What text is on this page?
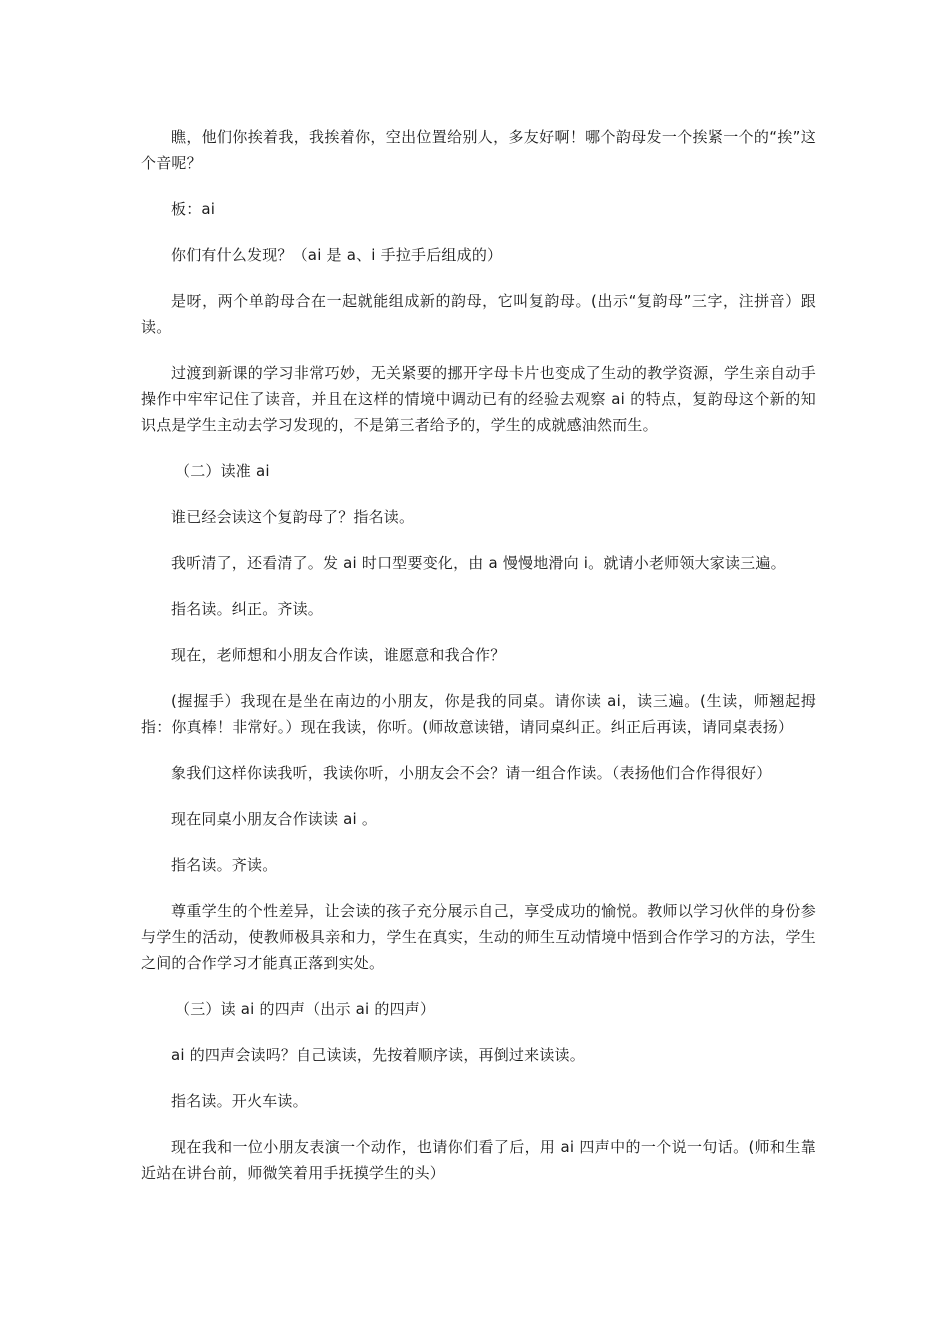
瞧，他们你挨着我，我挨着你，空出位置给别人，多友好啊！哪个韵母发一个挨紧一个的“挨”这个音呢？

板：ai

你们有什么发现？（ai 是 a、i 手拉手后组成的）

是呀，两个单韵母合在一起就能组成新的韵母，它叫复韵母。(出示“复韵母”三字，注拼音）跟读。

过渡到新课的学习非常巧妙，无关紧要的挪开字母卡片也变成了生动的教学资源，学生亲自动手操作中牢牢记住了读音，并且在这样的情境中调动已有的经验去观察 ai 的特点，复韵母这个新的知识点是学生主动去学习发现的，不是第三者给予的，学生的成就感油然而生。

（二）读准 ai

谁已经会读这个复韵母了？指名读。

我听清了，还看清了。发 ai 时口型要变化，由 a 慢慢地滑向 i。就请小老师领大家读三遍。

指名读。纠正。齐读。

现在，老师想和小朋友合作读，谁愿意和我合作？

(握握手）我现在是坐在南边的小朋友，你是我的同桌。请你读 ai，读三遍。(生读，师翘起拇指：你真棒！非常好。）现在我读，你听。(师故意读错，请同桌纠正。纠正后再读，请同桌表扬）

象我们这样你读我听，我读你听，小朋友会不会？请一组合作读。（表扬他们合作得很好）

现在同桌小朋友合作读读 ai 。

指名读。齐读。

尊重学生的个性差异，让会读的孩子充分展示自己，享受成功的愉悦。教师以学习伙伴的身份参与学生的活动，使教师极具亲和力，学生在真实，生动的师生互动情境中悟到合作学习的方法，学生之间的合作学习才能真正落到实处。

（三）读 ai 的四声（出示 ai 的四声）

ai 的四声会读吗？自己读读，先按着顺序读，再倒过来读读。

指名读。开火车读。

现在我和一位小朋友表演一个动作，也请你们看了后，用 ai 四声中的一个说一句话。(师和生靠近站在讲台前，师微笑着用手抚摸学生的头）
